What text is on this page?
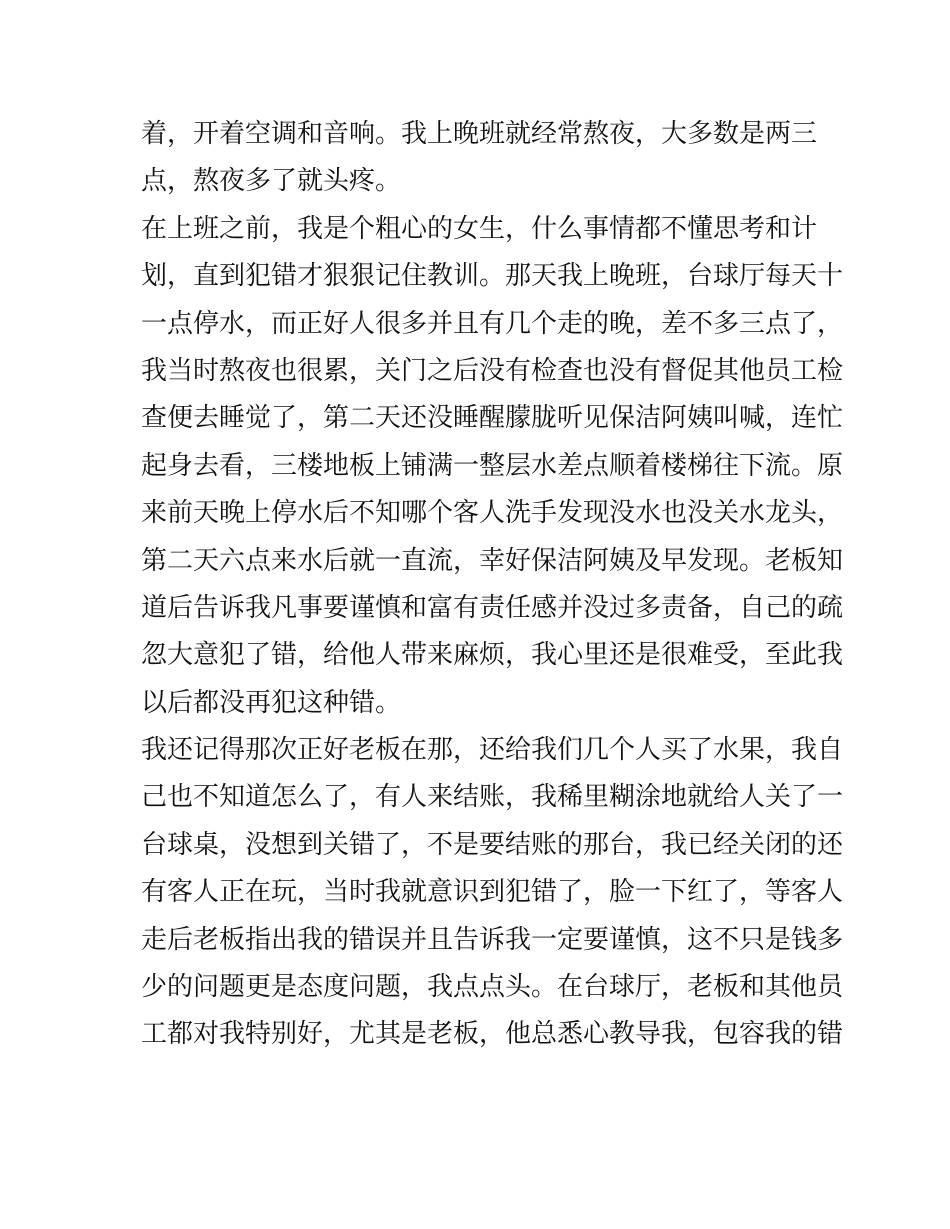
着，开着空调和音响。我上晚班就经常熬夜，大多数是两三
点，熬夜多了就头疼。
在上班之前，我是个粗心的女生，什么事情都不懂思考和计
划，直到犯错才狠狠记住教训。那天我上晚班，台球厅每天十
一点停水，而正好人很多并且有几个走的晚，差不多三点了，
我当时熬夜也很累，关门之后没有检查也没有督促其他员工检
查便去睡觉了，第二天还没睡醒朦胧听见保洁阿姨叫喊，连忙
起身去看，三楼地板上铺满一整层水差点顺着楼梯往下流。原
来前天晚上停水后不知哪个客人洗手发现没水也没关水龙头，
第二天六点来水后就一直流，幸好保洁阿姨及早发现。老板知
道后告诉我凡事要谨慎和富有责任感并没过多责备，自己的疏
忽大意犯了错，给他人带来麻烦，我心里还是很难受，至此我
以后都没再犯这种错。
我还记得那次正好老板在那，还给我们几个人买了水果，我自
己也不知道怎么了，有人来结账，我稀里糊涂地就给人关了一
台球桌，没想到关错了，不是要结账的那台，我已经关闭的还
有客人正在玩，当时我就意识到犯错了，脸一下红了，等客人
走后老板指出我的错误并且告诉我一定要谨慎，这不只是钱多
少的问题更是态度问题，我点点头。在台球厅，老板和其他员
工都对我特别好，尤其是老板，他总悉心教导我，包容我的错
